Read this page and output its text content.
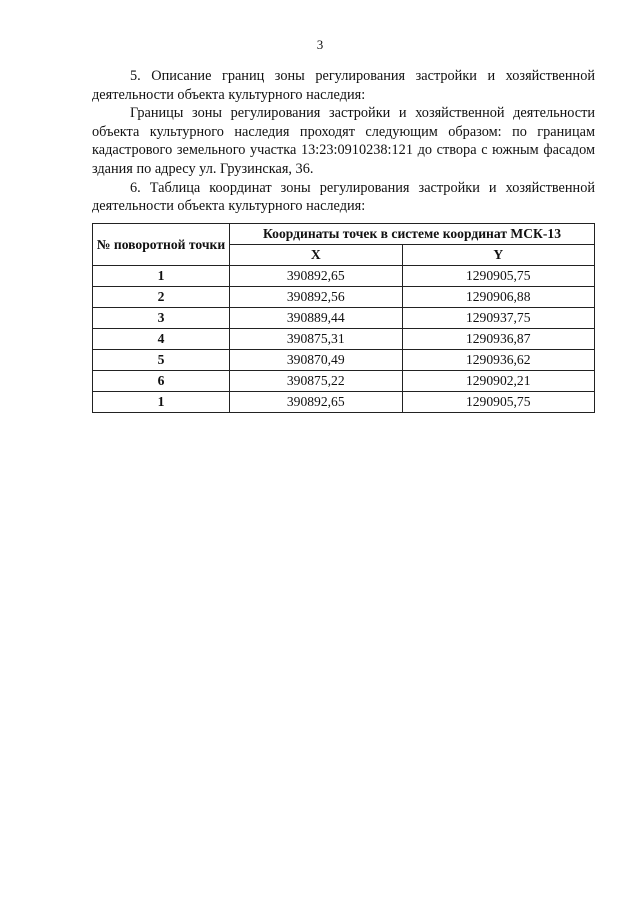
3

5. Описание границ зоны регулирования застройки и хозяйственной деятельности объекта культурного наследия:

Границы зоны регулирования застройки и хозяйственной деятельности объекта культурного наследия проходят следующим образом: по границам кадастрового земельного участка 13:23:0910238:121 до створа с южным фасадом здания по адресу ул. Грузинская, 36.

6. Таблица координат зоны регулирования застройки и хозяйственной деятельности объекта культурного наследия:

№ поворотной точки	Координаты точек в системе координат МСК-13	
	X	Y
1	390892,65	1290905,75
2	390892,56	1290906,88
3	390889,44	1290937,75
4	390875,31	1290936,87
5	390870,49	1290936,62
6	390875,22	1290902,21
1	390892,65	1290905,75
